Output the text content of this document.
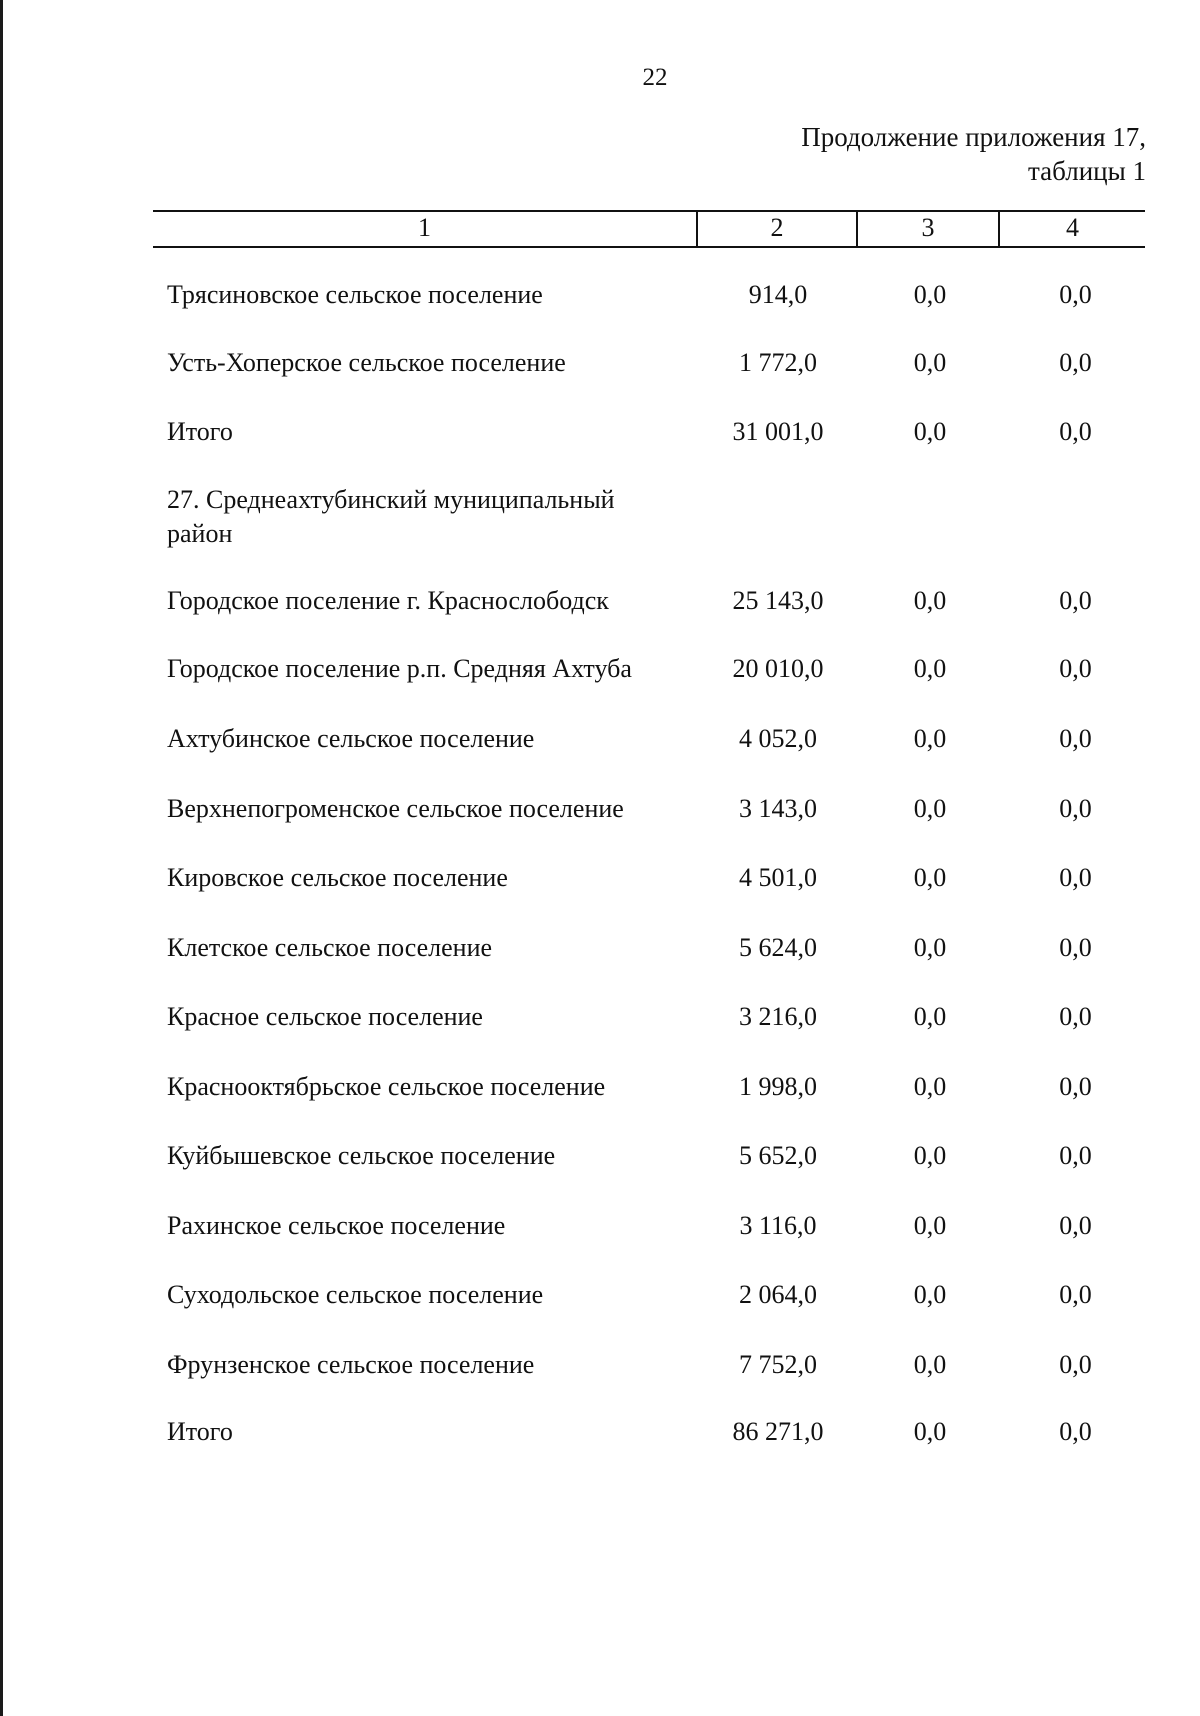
22
Продолжение приложения 17,
таблицы 1
1	2	3	4
Трясиновское сельское поселение	914,0	0,0	0,0
Усть-Хоперское сельское поселение	1 772,0	0,0	0,0
Итого	31 001,0	0,0	0,0
27. Среднеахтубинский муниципальный район
Городское поселение г. Краснослободск	25 143,0	0,0	0,0
Городское поселение р.п. Средняя Ахтуба	20 010,0	0,0	0,0
Ахтубинское сельское поселение	4 052,0	0,0	0,0
Верхнепогроменское сельское поселение	3 143,0	0,0	0,0
Кировское сельское поселение	4 501,0	0,0	0,0
Клетское сельское поселение	5 624,0	0,0	0,0
Красное сельское поселение	3 216,0	0,0	0,0
Краснооктябрьское сельское поселение	1 998,0	0,0	0,0
Куйбышевское сельское поселение	5 652,0	0,0	0,0
Рахинское сельское поселение	3 116,0	0,0	0,0
Суходольское сельское поселение	2 064,0	0,0	0,0
Фрунзенское сельское поселение	7 752,0	0,0	0,0
Итого	86 271,0	0,0	0,0
